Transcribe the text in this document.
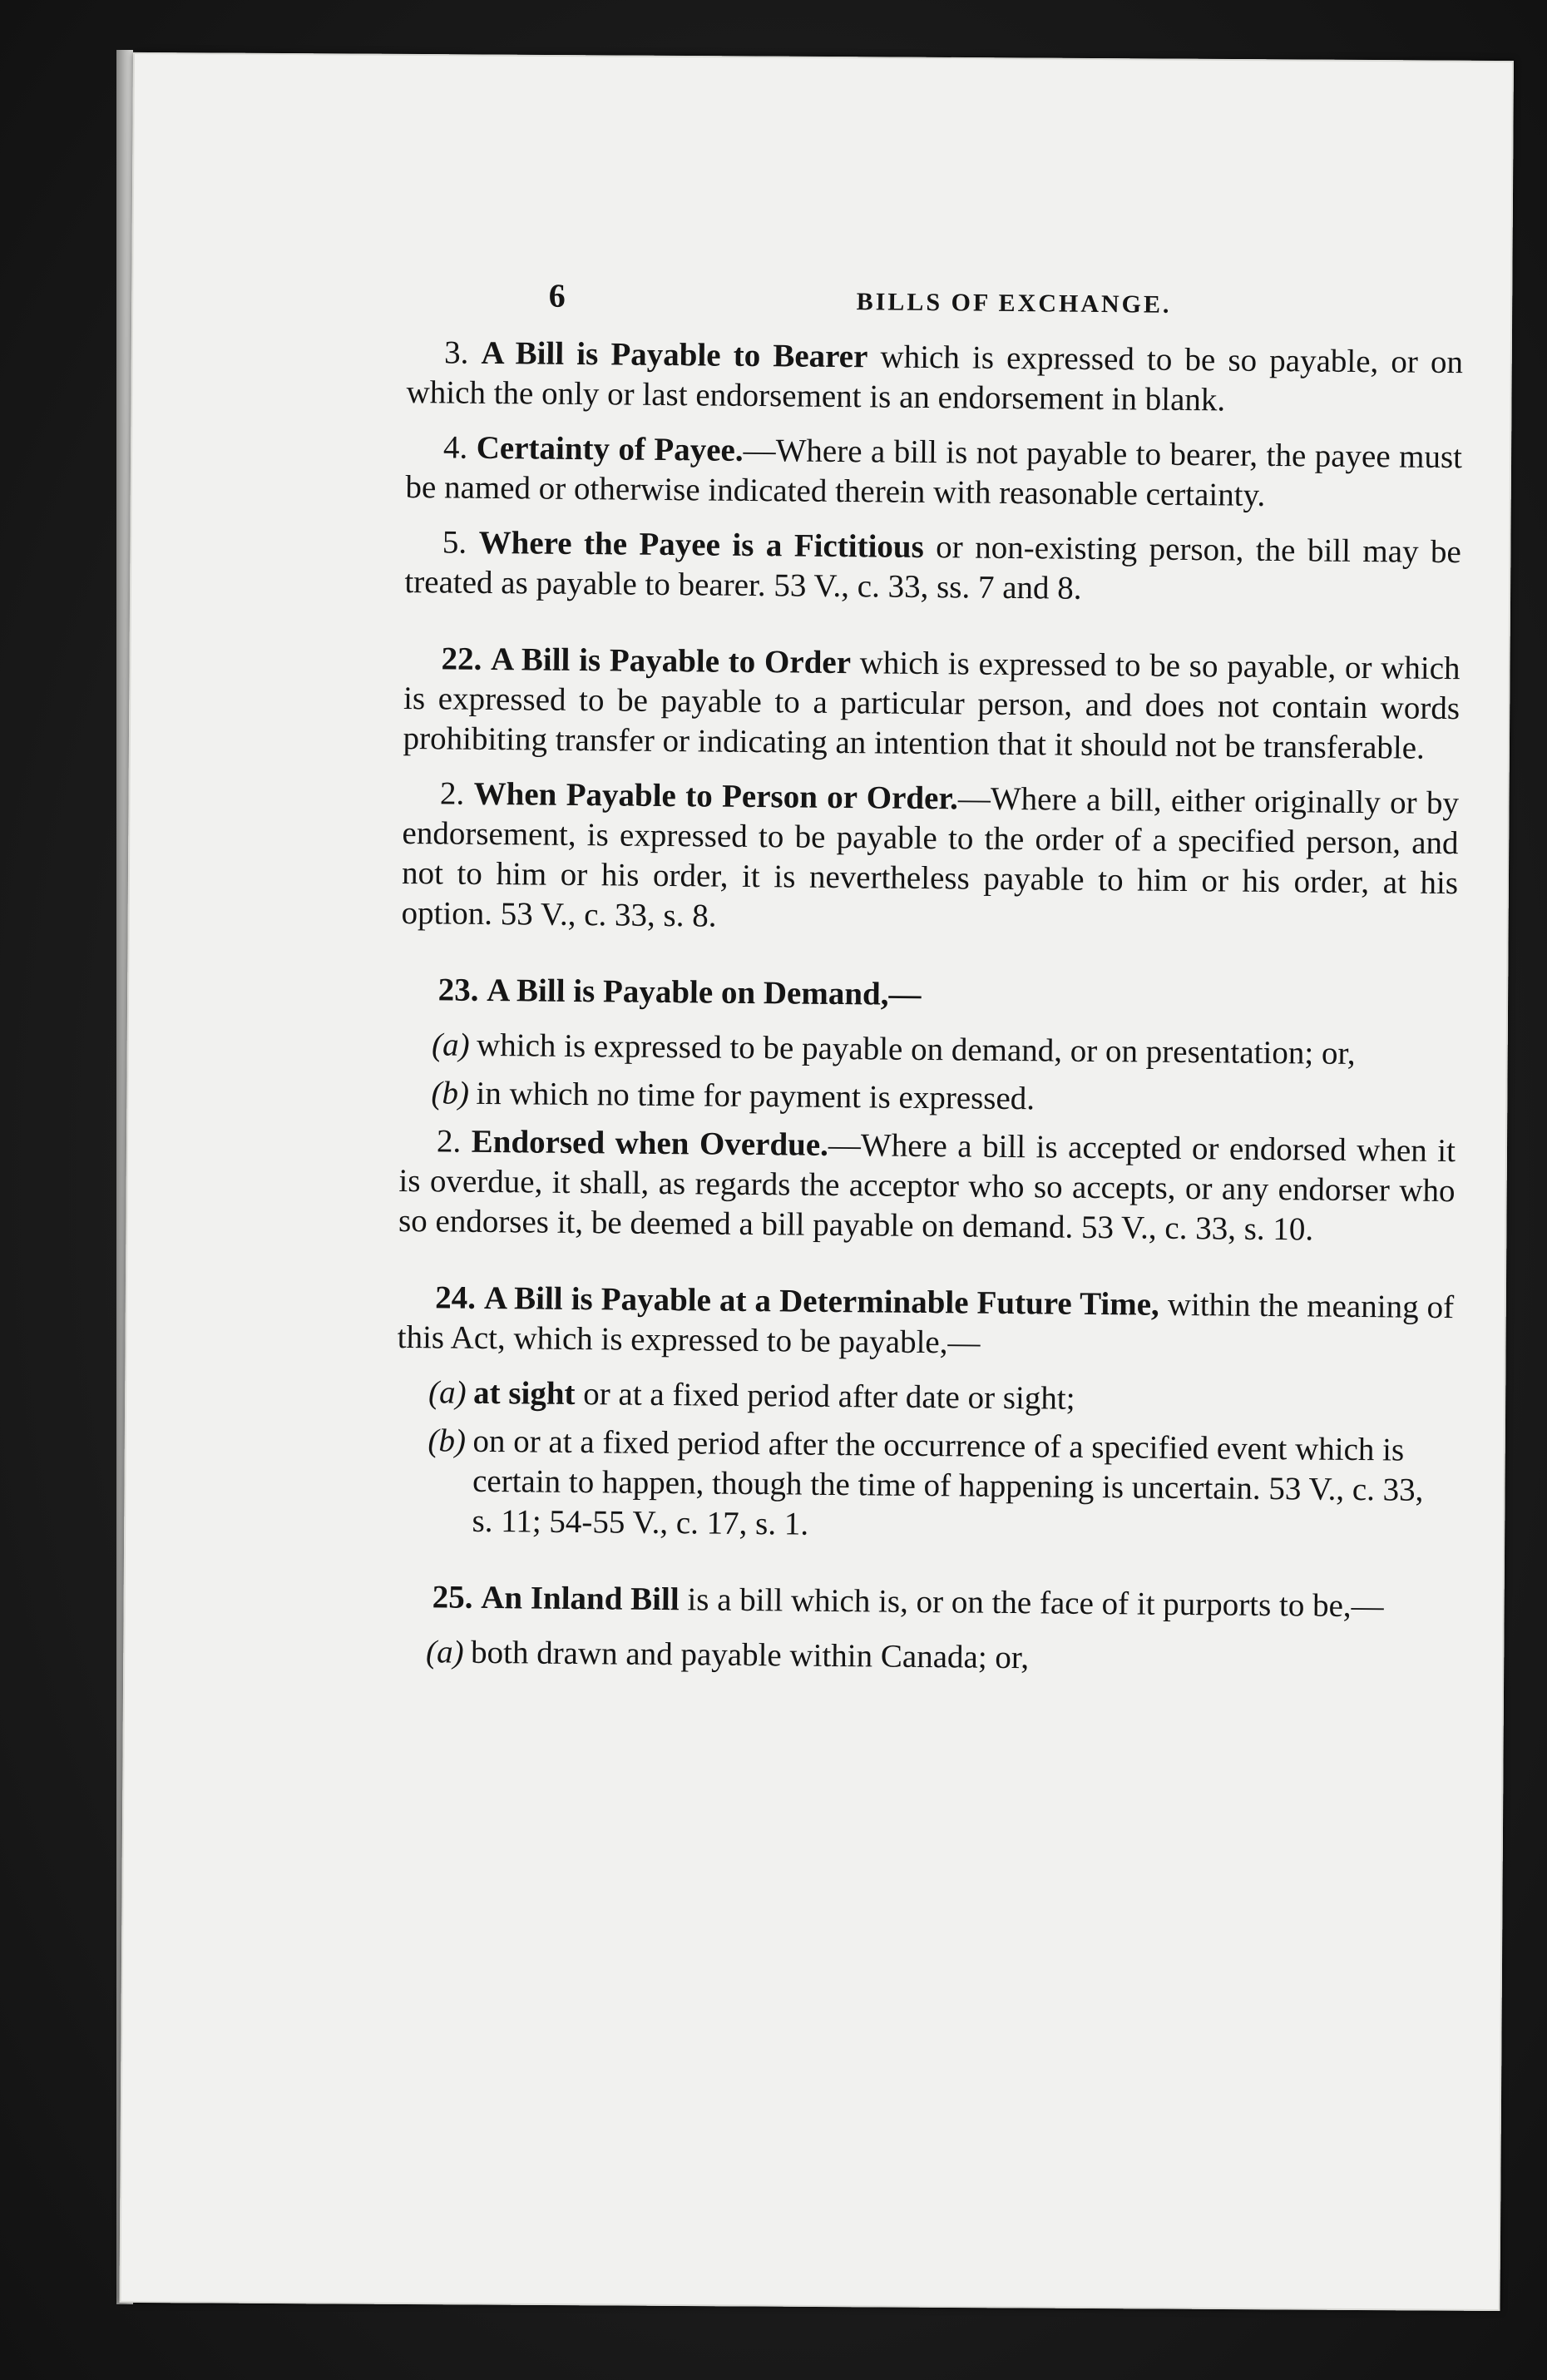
6	BILLS OF EXCHANGE.

3. A Bill is Payable to Bearer which is expressed to be so payable, or on which the only or last endorsement is an endorsement in blank.

4. Certainty of Payee.—Where a bill is not payable to bearer, the payee must be named or otherwise indicated therein with reasonable certainty.

5. Where the Payee is a Fictitious or non-existing person, the bill may be treated as payable to bearer. 53 V., c. 33, ss. 7 and 8.

22. A Bill is Payable to Order which is expressed to be so payable, or which is expressed to be payable to a particular person, and does not contain words prohibiting transfer or indicating an intention that it should not be transferable.

2. When Payable to Person or Order.—Where a bill, either originally or by endorsement, is expressed to be payable to the order of a specified person, and not to him or his order, it is nevertheless payable to him or his order, at his option. 53 V., c. 33, s. 8.

23. A Bill is Payable on Demand,—

(a) which is expressed to be payable on demand, or on presentation; or,
(b) in which no time for payment is expressed.

2. Endorsed when Overdue.—Where a bill is accepted or endorsed when it is overdue, it shall, as regards the acceptor who so accepts, or any endorser who so endorses it, be deemed a bill payable on demand. 53 V., c. 33, s. 10.

24. A Bill is Payable at a Determinable Future Time, within the meaning of this Act, which is expressed to be payable,—

(a) at sight or at a fixed period after date or sight;
(b) on or at a fixed period after the occurrence of a specified event which is certain to happen, though the time of happening is uncertain. 53 V., c. 33, s. 11; 54-55 V., c. 17, s. 1.

25. An Inland Bill is a bill which is, or on the face of it purports to be,—

(a) both drawn and payable within Canada; or,
